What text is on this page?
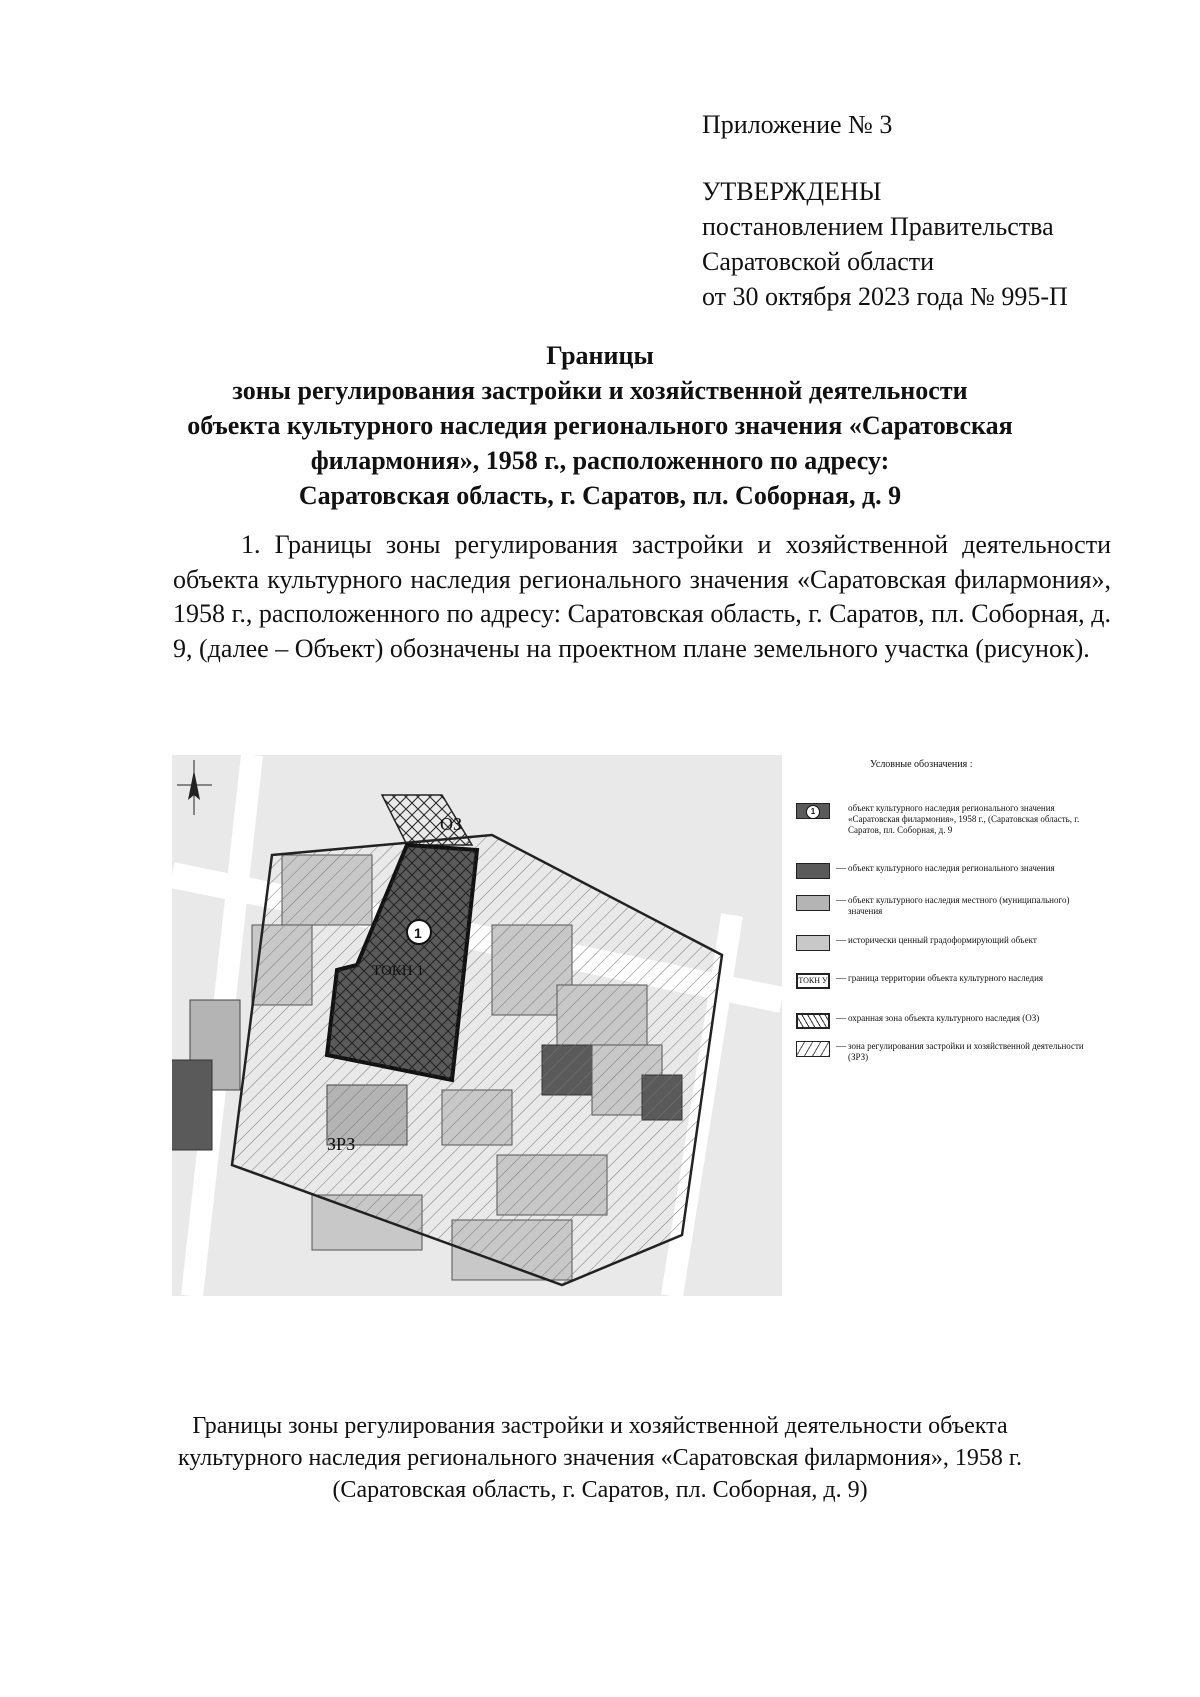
Приложение № 3
УТВЕРЖДЕНЫ
постановлением Правительства
Саратовской области
от 30 октября 2023 года № 995-П
Границы
зоны регулирования застройки и хозяйственной деятельности
объекта культурного наследия регионального значения «Саратовская
филармония», 1958 г., расположенного по адресу:
Саратовская область, г. Саратов, пл. Соборная, д. 9

1. Границы зоны регулирования застройки и хозяйственной деятельности объекта культурного наследия регионального значения «Саратовская филармония», 1958 г., расположенного по адресу: Саратовская область, г. Саратов, пл. Соборная, д. 9, (далее – Объект) обозначены на проектном плане земельного участка (рисунок).

ОЗ
1
ТОКН 1
ЗРЗ
Условные обозначения :
1	объект культурного наследия регионального значения «Саратовская филармония», 1958 г., (Саратовская область, г. Саратов, пл. Соборная, д. 9
— объект культурного наследия регионального значения
— объект культурного наследия местного (муниципального) значения
— исторически ценный градоформирующий объект
ТОКН У — граница территории объекта культурного наследия
— охранная зона объекта культурного наследия (ОЗ)
— зона регулирования застройки и хозяйственной деятельности (ЗРЗ)
Границы зоны регулирования застройки и хозяйственной деятельности объекта
культурного наследия регионального значения «Саратовская филармония», 1958 г.
(Саратовская область, г. Саратов, пл. Соборная, д. 9)
